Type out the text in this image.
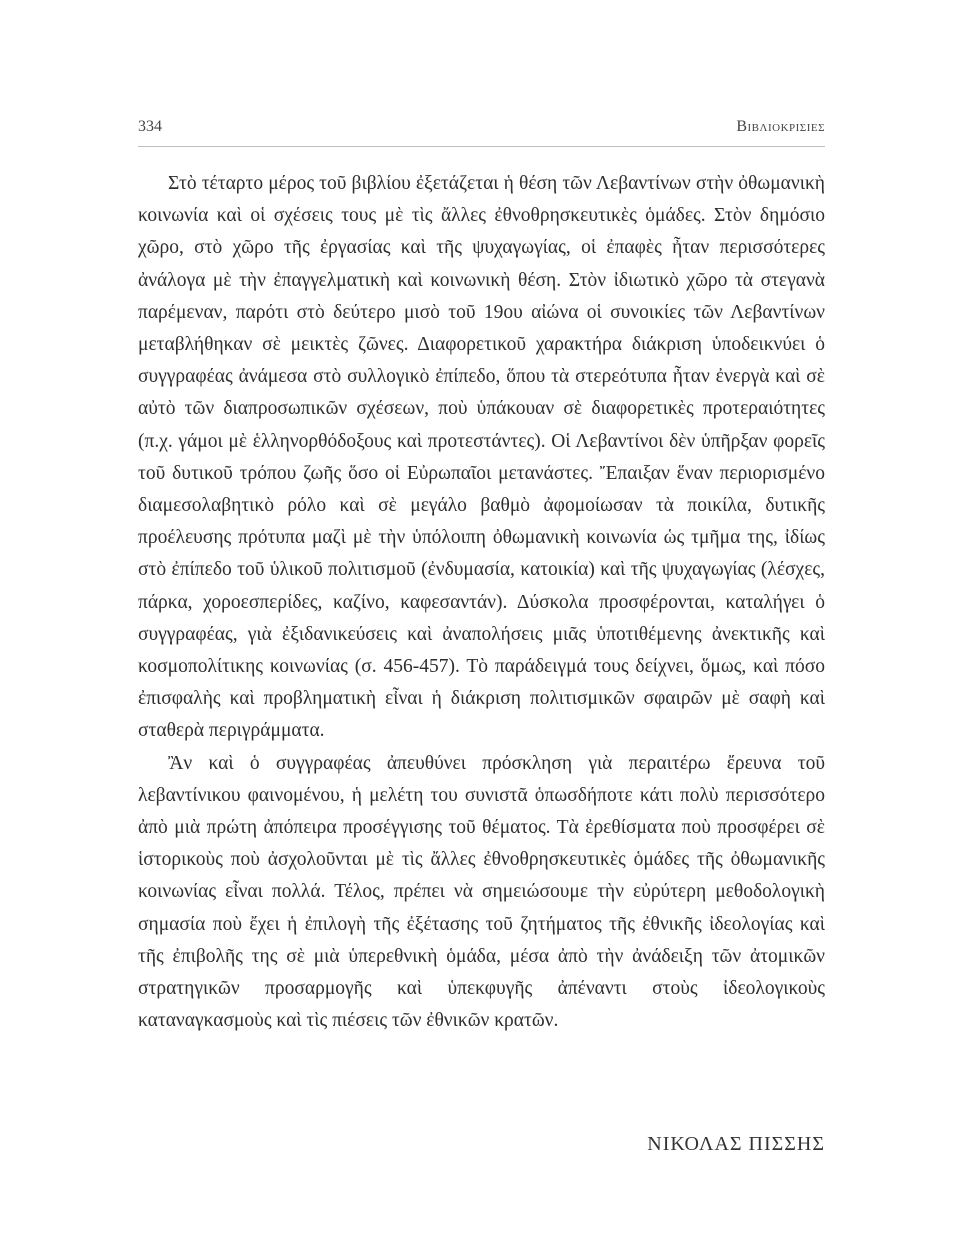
334	Βιβλιοκρισιες

Στὸ τέταρτο μέρος τοῦ βιβλίου ἐξετάζεται ἡ θέση τῶν Λεβαντίνων στὴν ὀθωμανικὴ κοινωνία καὶ οἱ σχέσεις τους μὲ τὶς ἄλλες ἐθνοθρησκευτικὲς ὁμάδες. Στὸν δημόσιο χῶρο, στὸ χῶρο τῆς ἐργασίας καὶ τῆς ψυχαγωγίας, οἱ ἐπαφὲς ἦταν περισσότερες ἀνάλογα μὲ τὴν ἐπαγγελματικὴ καὶ κοινωνικὴ θέση. Στὸν ἰδιωτικὸ χῶρο τὰ στεγανὰ παρέμεναν, παρότι στὸ δεύτερο μισὸ τοῦ 19ου αἰώνα οἱ συνοικίες τῶν Λεβαντίνων μεταβλήθηκαν σὲ μεικτὲς ζῶνες. Διαφορετικοῦ χαρακτήρα διάκριση ὑποδεικνύει ὁ συγγραφέας ἀνάμεσα στὸ συλλογικὸ ἐπίπεδο, ὅπου τὰ στερεότυπα ἦταν ἐνεργὰ καὶ σὲ αὐτὸ τῶν διαπροσωπικῶν σχέσεων, ποὺ ὑπάκουαν σὲ διαφορετικὲς προτεραιότητες (π.χ. γάμοι μὲ ἑλληνορθόδοξους καὶ προτεστάντες). Οἱ Λεβαντίνοι δὲν ὑπῆρξαν φορεῖς τοῦ δυτικοῦ τρόπου ζωῆς ὅσο οἱ Εὐρωπαῖοι μετανάστες. Ἔπαιξαν ἕναν περιορισμένο διαμεσολαβητικὸ ρόλο καὶ σὲ μεγάλο βαθμὸ ἀφομοίωσαν τὰ ποικίλα, δυτικῆς προέλευσης πρότυπα μαζὶ μὲ τὴν ὑπόλοιπη ὀθωμανικὴ κοινωνία ὡς τμῆμα της, ἰδίως στὸ ἐπίπεδο τοῦ ὑλικοῦ πολιτισμοῦ (ἐνδυμασία, κατοικία) καὶ τῆς ψυχαγωγίας (λέσχες, πάρκα, χοροεσπερίδες, καζίνο, καφεσαντάν). Δύσκολα προσφέρονται, καταλήγει ὁ συγγραφέας, γιὰ ἐξιδανικεύσεις καὶ ἀναπολήσεις μιᾶς ὑποτιθέμενης ἀνεκτικῆς καὶ κοσμοπολίτικης κοινωνίας (σ. 456-457). Τὸ παράδειγμά τους δείχνει, ὅμως, καὶ πόσο ἐπισφαλὴς καὶ προβληματικὴ εἶναι ἡ διάκριση πολιτισμικῶν σφαιρῶν μὲ σαφὴ καὶ σταθερὰ περιγράμματα.

Ἂν καὶ ὁ συγγραφέας ἀπευθύνει πρόσκληση γιὰ περαιτέρω ἔρευνα τοῦ λεβαντίνικου φαινομένου, ἡ μελέτη του συνιστᾶ ὁπωσδήποτε κάτι πολὺ περισσότερο ἀπὸ μιὰ πρώτη ἀπόπειρα προσέγγισης τοῦ θέματος. Τὰ ἐρεθίσματα ποὺ προσφέρει σὲ ἱστορικοὺς ποὺ ἀσχολοῦνται μὲ τὶς ἄλλες ἐθνοθρησκευτικὲς ὁμάδες τῆς ὀθωμανικῆς κοινωνίας εἶναι πολλά. Τέλος, πρέπει νὰ σημειώσουμε τὴν εὐρύτερη μεθοδολογικὴ σημασία ποὺ ἔχει ἡ ἐπιλογὴ τῆς ἐξέτασης τοῦ ζητήματος τῆς ἐθνικῆς ἰδεολογίας καὶ τῆς ἐπιβολῆς της σὲ μιὰ ὑπερεθνικὴ ὁμάδα, μέσα ἀπὸ τὴν ἀνάδειξη τῶν ἀτομικῶν στρατηγικῶν προσαρμογῆς καὶ ὑπεκφυγῆς ἀπέναντι στοὺς ἰδεολογικοὺς καταναγκασμοὺς καὶ τὶς πιέσεις τῶν ἐθνικῶν κρατῶν.

ΝΙΚΟΛΑΣ ΠΙΣΣΗΣ
